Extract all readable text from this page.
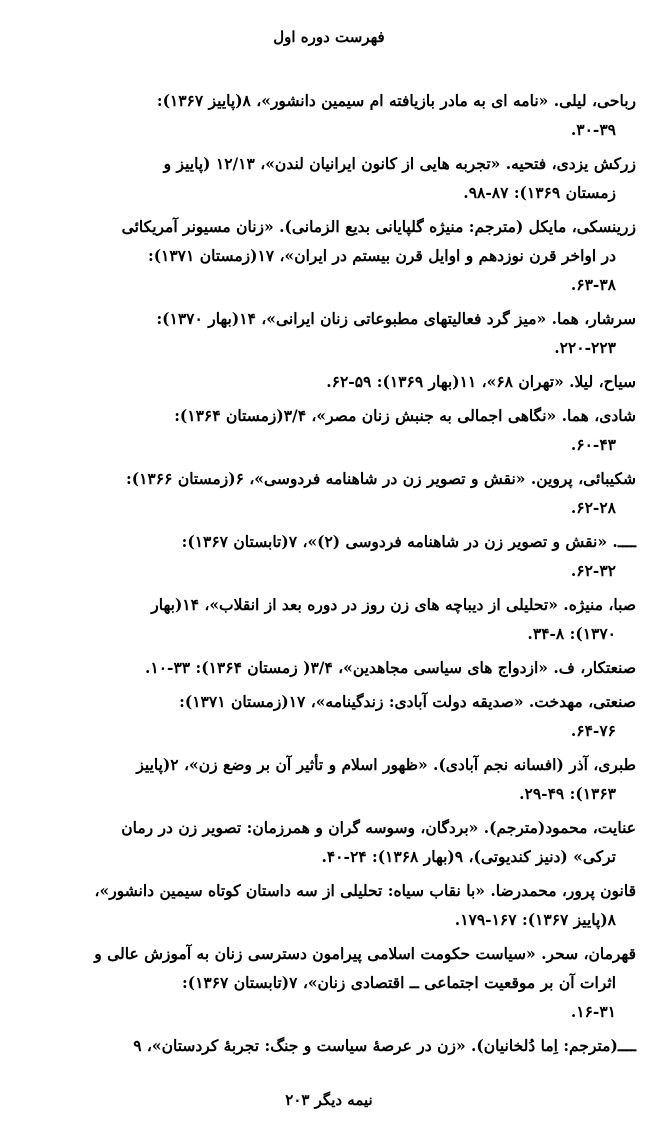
فهرست دوره اول
رباحی، لیلی. «نامه ای به مادر بازیافته ام سیمین دانشور»، ۸(پاییز ۱۳۶۷):
۳۰-۳۹.
زرکش یزدی، فتحیه. «تجربه هایی از کانون ایرانیان لندن»، ۱۲/۱۳ (پاییز و
زمستان ۱۳۶۹): ۸۷-۹۸.
زرینسکی، مایکل (مترجم: منیژه گلپایانی بدیع الزمانی). «زنان مسیونر آمریکائی
در اواخر قرن نوزدهم و اوایل قرن بیستم در ایران»، ۱۷(زمستان ۱۳۷۱):
۶۳-۳۸.
سرشار، هما. «میز گرد فعالیتهای مطبوعاتی زنان ایرانی»، ۱۴(بهار ۱۳۷۰):
۲۲۰-۲۲۳.
سیاح، لیلا. «تهران ۶۸»، ۱۱(بهار ۱۳۶۹): ۵۹-۶۲.
شادی، هما. «نگاهی اجمالی به جنبش زنان مصر»، ۳/۴(زمستان ۱۳۶۴):
۶۰-۴۳.
شکیبائی، پروین. «نقش و تصویر زن در شاهنامه فردوسی»، ۶(زمستان ۱۳۶۶):
۶۲-۲۸.
ــــ. «نقش و تصویر زن در شاهنامه فردوسی (۲)»، ۷(تابستان ۱۳۶۷):
۶۲-۳۲.
صبا، منیژه. «تحلیلی از دیباچه های زن روز در دوره بعد از انقلاب»، ۱۴(بهار
۱۳۷۰): ۳۴-۸.
صنعتکار، ف. «ازدواج های سیاسی مجاهدین»، ۳/۴( زمستان ۱۳۶۴): ۳۳-۱۰.
صنعتی، مهدخت. «صدیقه دولت آبادی: زندگینامه»، ۱۷(زمستان ۱۳۷۱):
۶۴-۷۶.
طبری، آذر (افسانه نجم آبادی). «ظهور اسلام و تأثیر آن بر وضع زن»، ۲(پاییز
۱۳۶۳): ۲۹-۴۹.
عنایت، محمود(مترجم). «بردگان، وسوسه گران و همرزمان: تصویر زن در رمان
ترکی» (دنیز کندیوتی)، ۹(بهار ۱۳۶۸): ۲۴-۴۰.
قانون پرور، محمدرضا. «با نقاب سیاه: تحلیلی از سه داستان کوتاه سیمین دانشور»،
۸(پاییز ۱۳۶۷): ۱۶۷-۱۷۹.
قهرمان، سحر. «سیاست حکومت اسلامی پیرامون دسترسی زنان به آموزش عالی و
اثرات آن بر موقعیت اجتماعی ــ اقتصادی زنان»، ۷(تابستان ۱۳۶۷):
۱۶-۳۱.
ــــ(مترجم: اِما دُلخانیان). «زن در عرصهٔ سیاست و جنگ: تجربهٔ کردستان»، ۹
نیمه دیگر ۲۰۳
